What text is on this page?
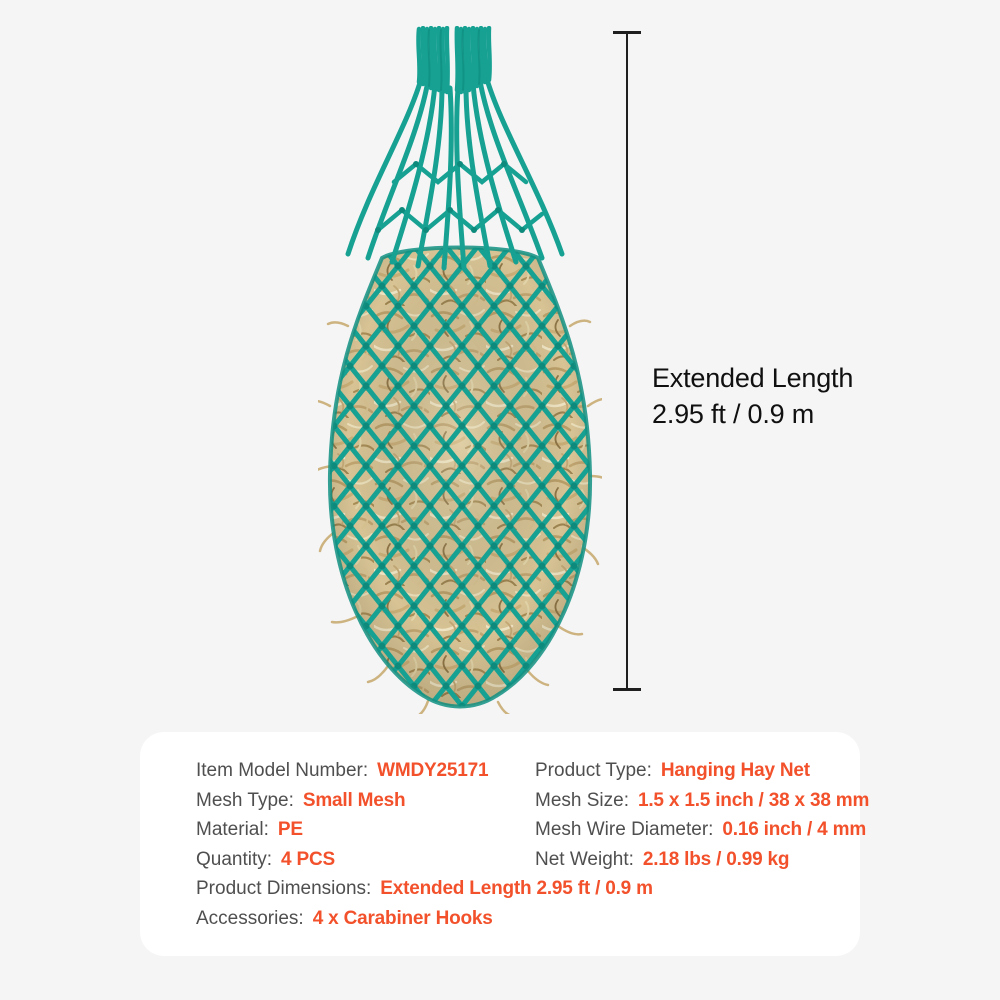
Extended Length
2.95 ft / 0.9 m
Item Model Number: WMDY25171	Product Type: Hanging Hay Net
Mesh Type: Small Mesh	Mesh Size: 1.5 x 1.5 inch / 38 x 38 mm
Material: PE	Mesh Wire Diameter: 0.16 inch / 4 mm
Quantity: 4 PCS	Net Weight: 2.18 lbs / 0.99 kg
Product Dimensions: Extended Length 2.95 ft / 0.9 m
Accessories: 4 x Carabiner Hooks
